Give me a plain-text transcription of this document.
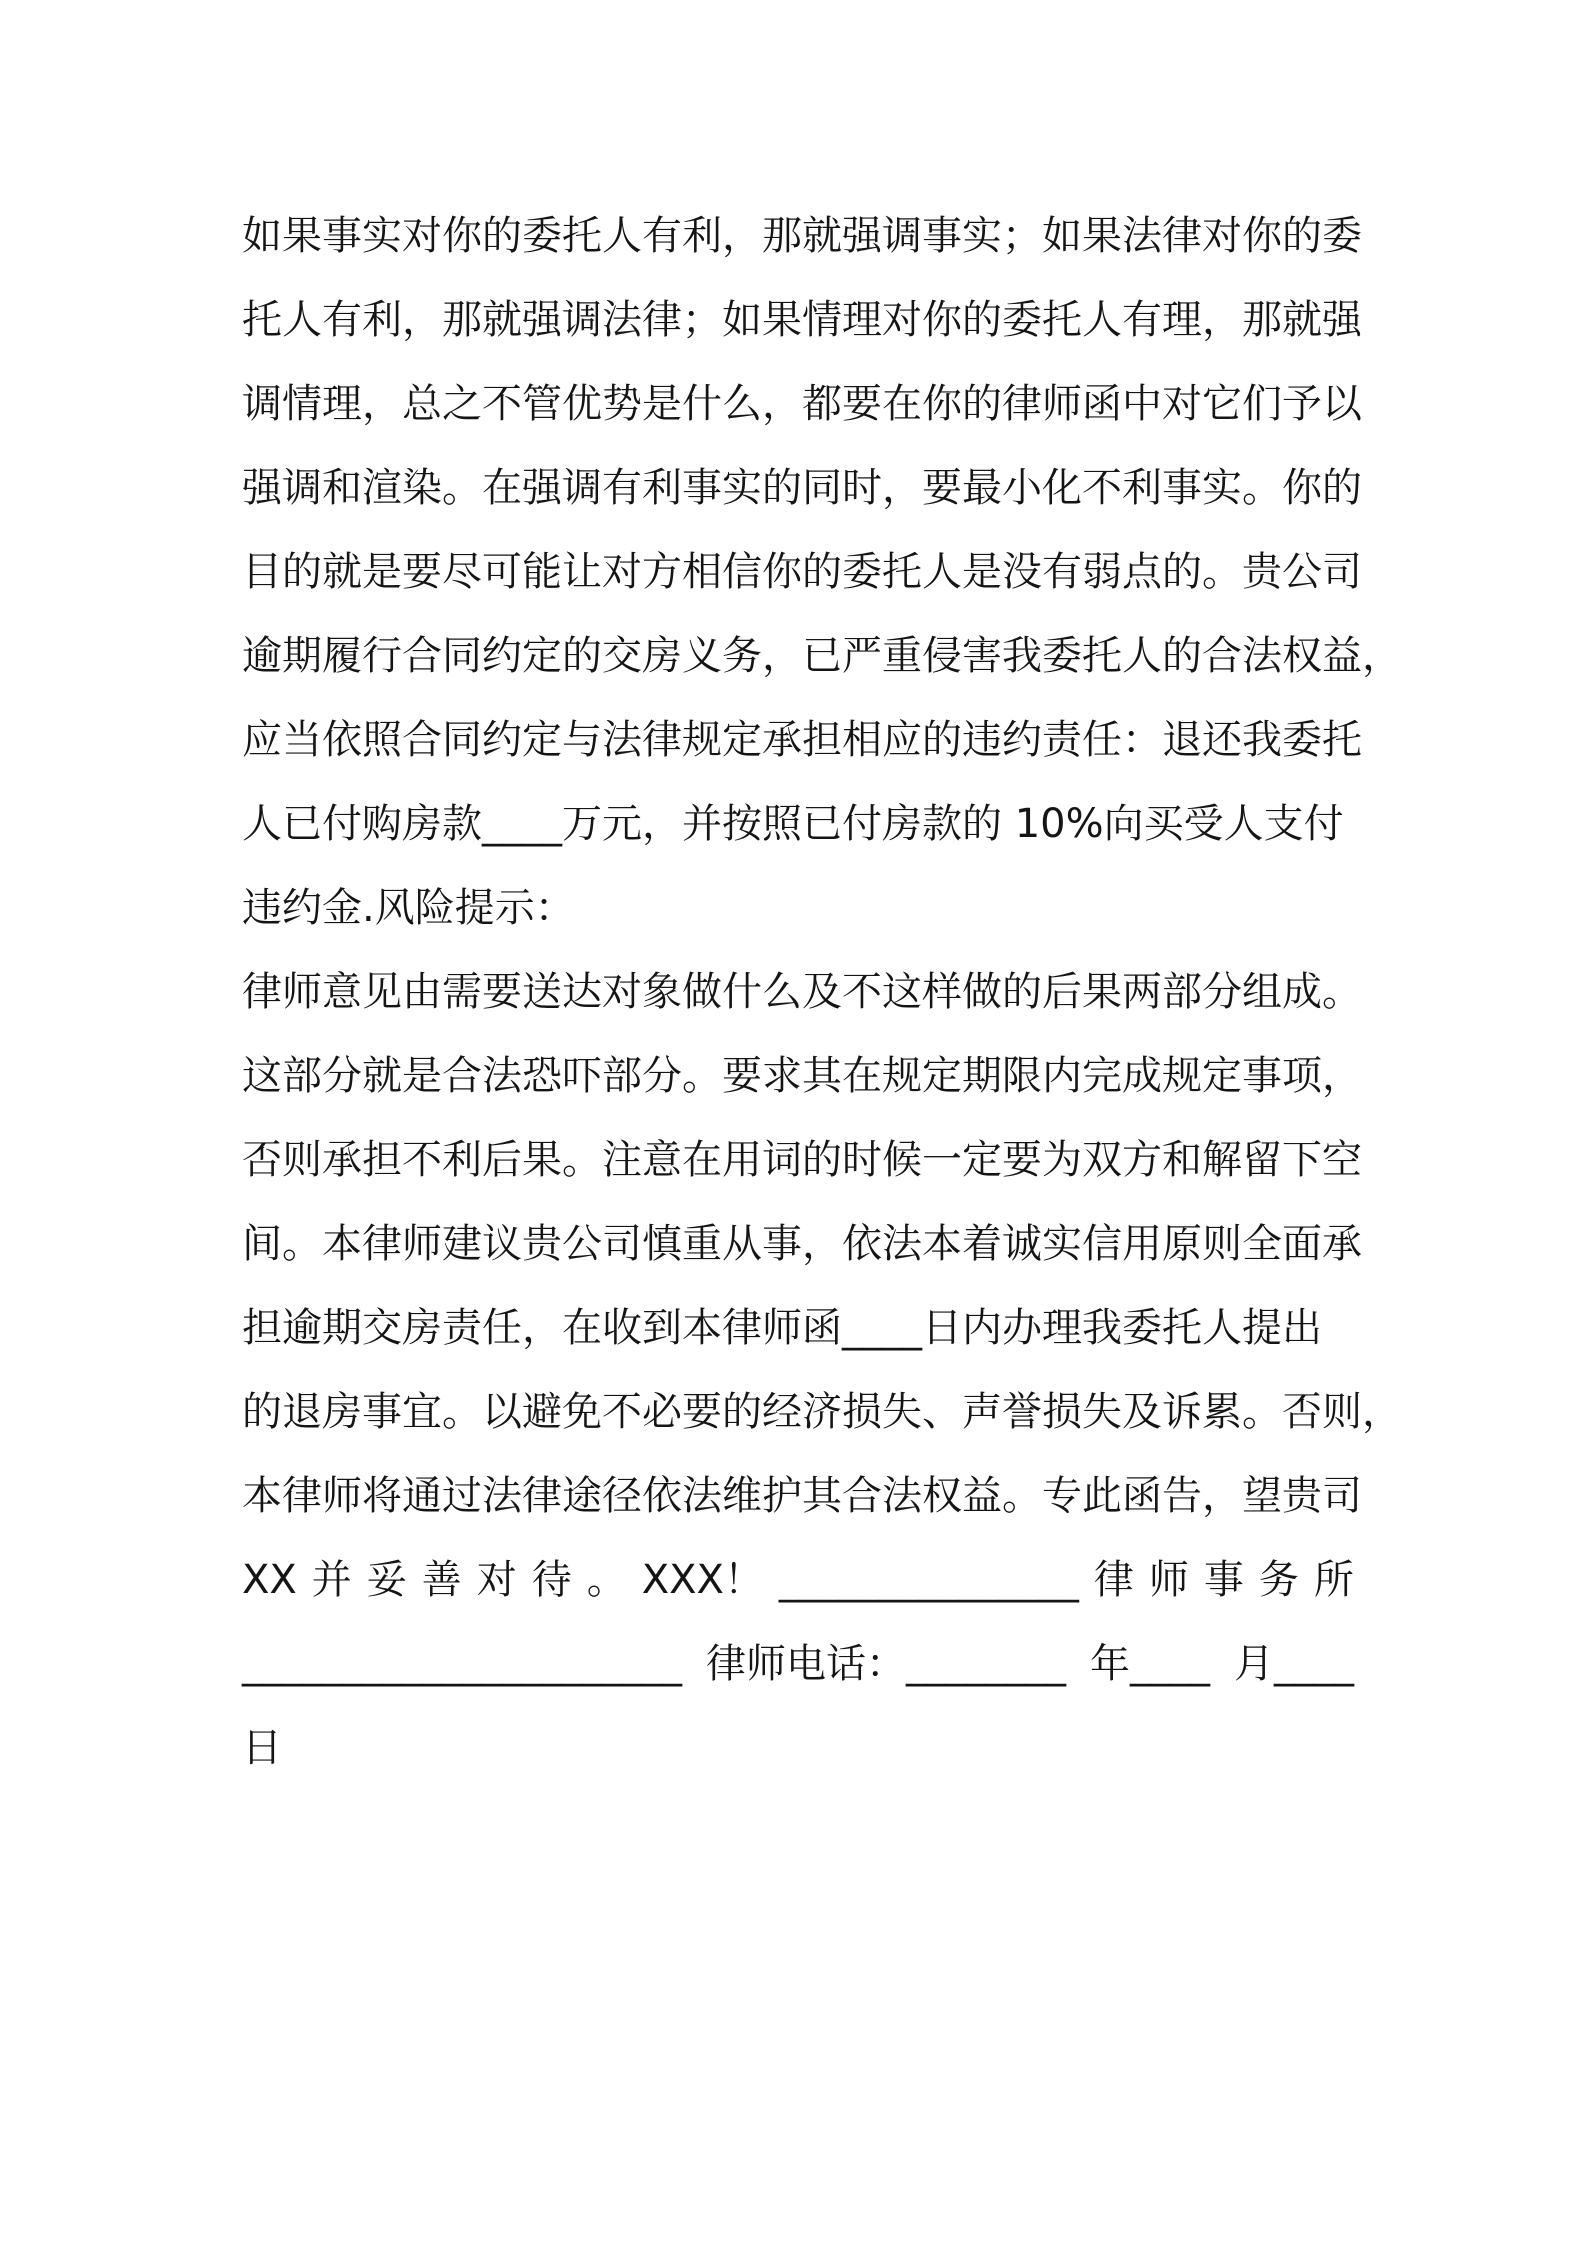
如果事实对你的委托人有利，那就强调事实；如果法律对你的委
托人有利，那就强调法律；如果情理对你的委托人有理，那就强
调情理，总之不管优势是什么，都要在你的律师函中对它们予以
强调和渲染。在强调有利事实的同时，要最小化不利事实。你的
目的就是要尽可能让对方相信你的委托人是没有弱点的。贵公司
逾期履行合同约定的交房义务，已严重侵害我委托人的合法权益，
应当依照合同约定与法律规定承担相应的违约责任：退还我委托
人已付购房款____万元，并按照已付房款的 10%向买受人支付
违约金.风险提示：
律师意见由需要送达对象做什么及不这样做的后果两部分组成。
这部分就是合法恐吓部分。要求其在规定期限内完成规定事项，
否则承担不利后果。注意在用词的时候一定要为双方和解留下空
间。本律师建议贵公司慎重从事，依法本着诚实信用原则全面承
担逾期交房责任，在收到本律师函____日内办理我委托人提出
的退房事宜。以避免不必要的经济损失、声誉损失及诉累。否则，
本律师将通过法律途径依法维护其合法权益。专此函告，望贵司
XX 并 妥 善 对 待 。 XXX！ _______________ 律 师 事 务 所
______________________ 律师电话：________ 年____ 月____
日
